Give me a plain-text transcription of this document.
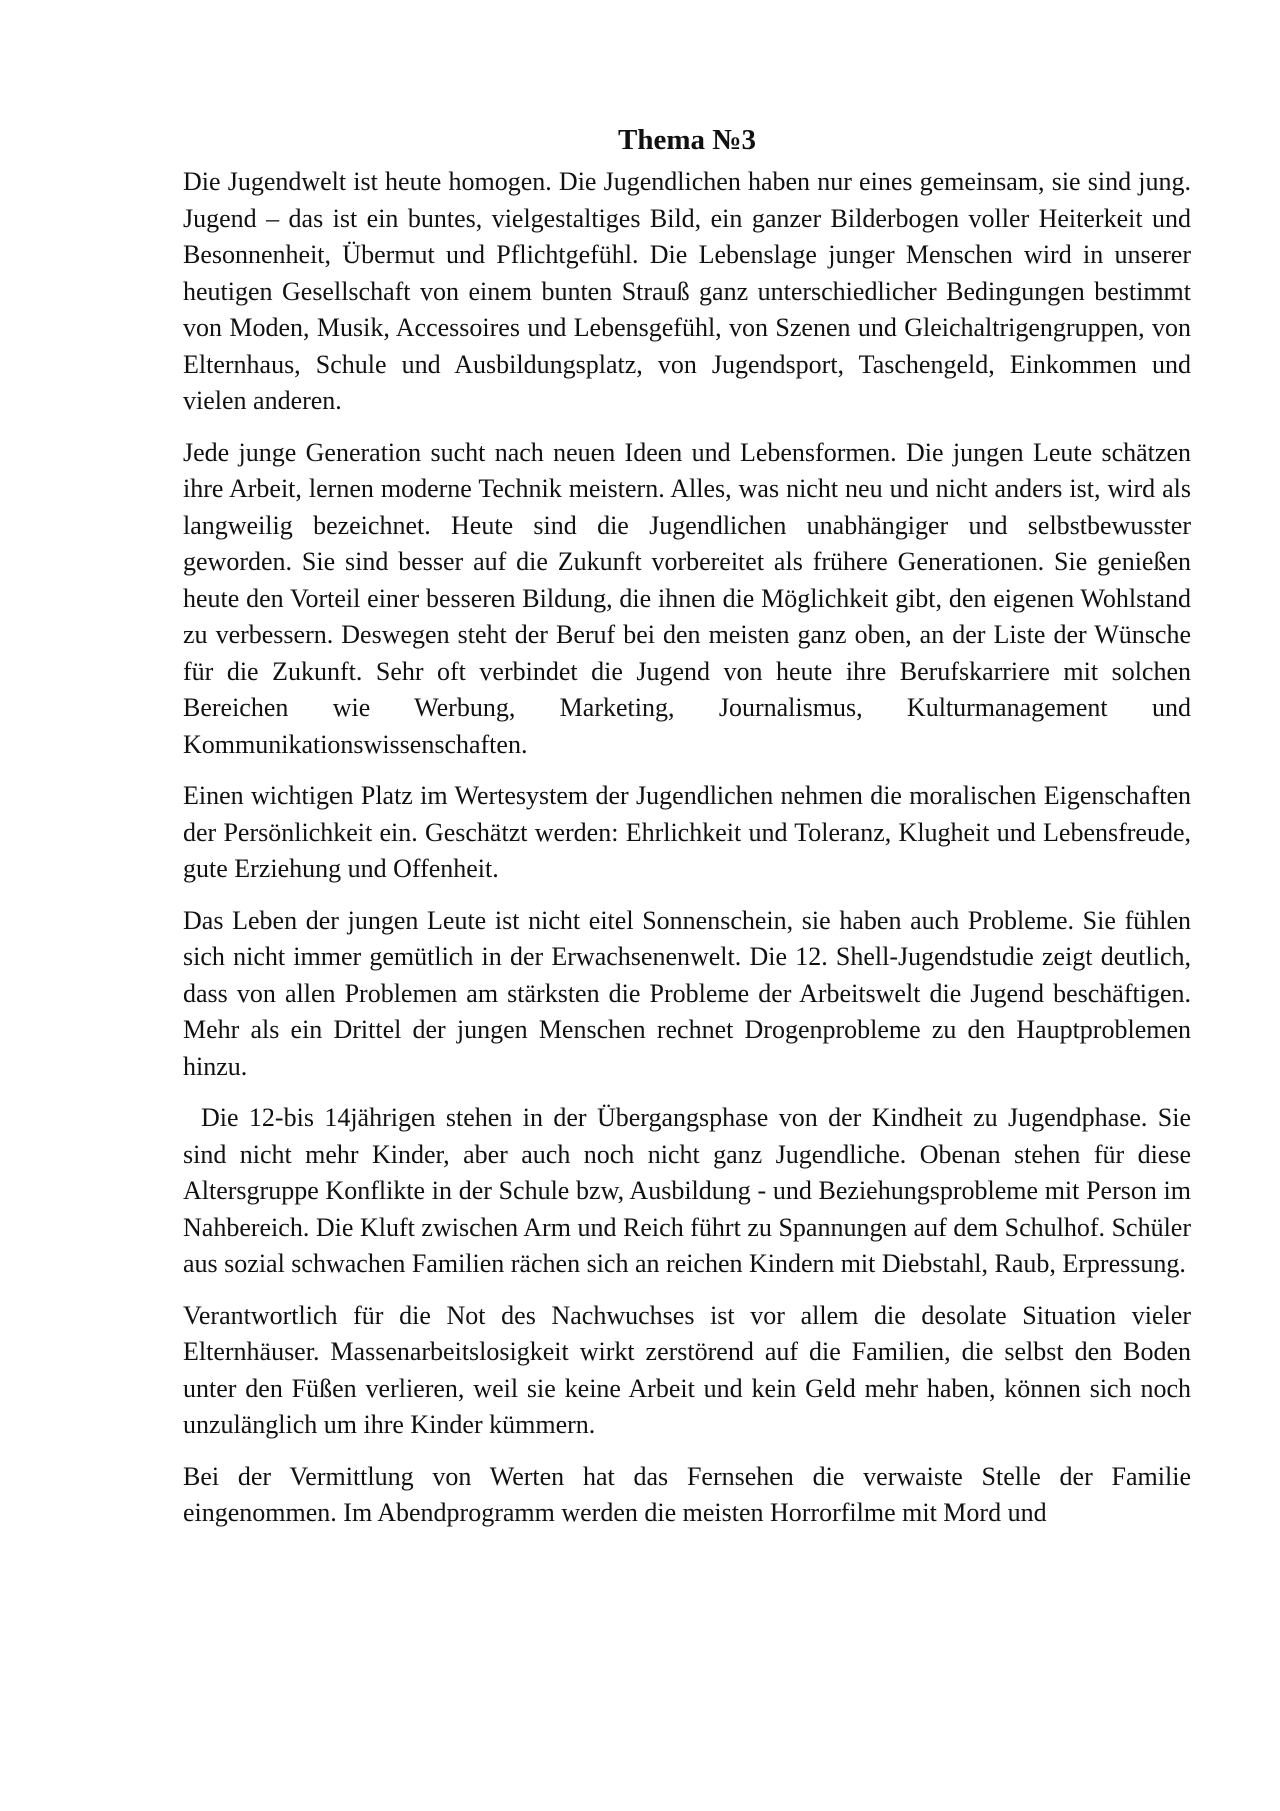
Thema №3

Die Jugendwelt ist heute homogen. Die Jugendlichen haben nur eines gemeinsam, sie sind jung. Jugend – das ist ein buntes, vielgestaltiges Bild, ein ganzer Bilderbogen voller Heiterkeit und Besonnenheit, Übermut und Pflichtgefühl. Die Lebenslage junger Menschen wird in unserer heutigen Gesellschaft von einem bunten Strauß ganz unterschiedlicher Bedingungen bestimmt von Moden, Musik, Accessoires und Lebensgefühl, von Szenen und Gleichaltrigengruppen, von Elternhaus, Schule und Ausbildungsplatz, von Jugendsport, Taschengeld, Einkommen und vielen anderen.

Jede junge Generation sucht nach neuen Ideen und Lebensformen. Die jungen Leute schätzen ihre Arbeit, lernen moderne Technik meistern. Alles, was nicht neu und nicht anders ist, wird als langweilig bezeichnet. Heute sind die Jugendlichen unabhängiger und selbstbewusster geworden. Sie sind besser auf die Zukunft vorbereitet als frühere Generationen. Sie genießen heute den Vorteil einer besseren Bildung, die ihnen die Möglichkeit gibt, den eigenen Wohlstand zu verbessern. Deswegen steht der Beruf bei den meisten ganz oben, an der Liste der Wünsche für die Zukunft. Sehr oft verbindet die Jugend von heute ihre Berufskarriere mit solchen Bereichen wie Werbung, Marketing, Journalismus, Kulturmanagement und Kommunikationswissenschaften.

Einen wichtigen Platz im Wertesystem der Jugendlichen nehmen die moralischen Eigenschaften der Persönlichkeit ein. Geschätzt werden: Ehrlichkeit und Toleranz, Klugheit und Lebensfreude, gute Erziehung und Offenheit.

Das Leben der jungen Leute ist nicht eitel Sonnenschein, sie haben auch Probleme. Sie fühlen sich nicht immer gemütlich in der Erwachsenenwelt. Die 12. Shell-Jugendstudie zeigt deutlich, dass von allen Problemen am stärksten die Probleme der Arbeitswelt die Jugend beschäftigen. Mehr als ein Drittel der jungen Menschen rechnet Drogenprobleme zu den Hauptproblemen hinzu.

Die 12-bis 14jährigen stehen in der Übergangsphase von der Kindheit zu Jugendphase. Sie sind nicht mehr Kinder, aber auch noch nicht ganz Jugendliche. Obenan stehen für diese Altersgruppe Konflikte in der Schule bzw, Ausbildung - und Beziehungsprobleme mit Person im Nahbereich. Die Kluft zwischen Arm und Reich führt zu Spannungen auf dem Schulhof. Schüler aus sozial schwachen Familien rächen sich an reichen Kindern mit Diebstahl, Raub, Erpressung.

Verantwortlich für die Not des Nachwuchses ist vor allem die desolate Situation vieler Elternhäuser. Massenarbeitslosigkeit wirkt zerstörend auf die Familien, die selbst den Boden unter den Füßen verlieren, weil sie keine Arbeit und kein Geld mehr haben, können sich noch unzulänglich um ihre Kinder kümmern.

Bei der Vermittlung von Werten hat das Fernsehen die verwaiste Stelle der Familie eingenommen. Im Abendprogramm werden die meisten Horrorfilme mit Mord und
